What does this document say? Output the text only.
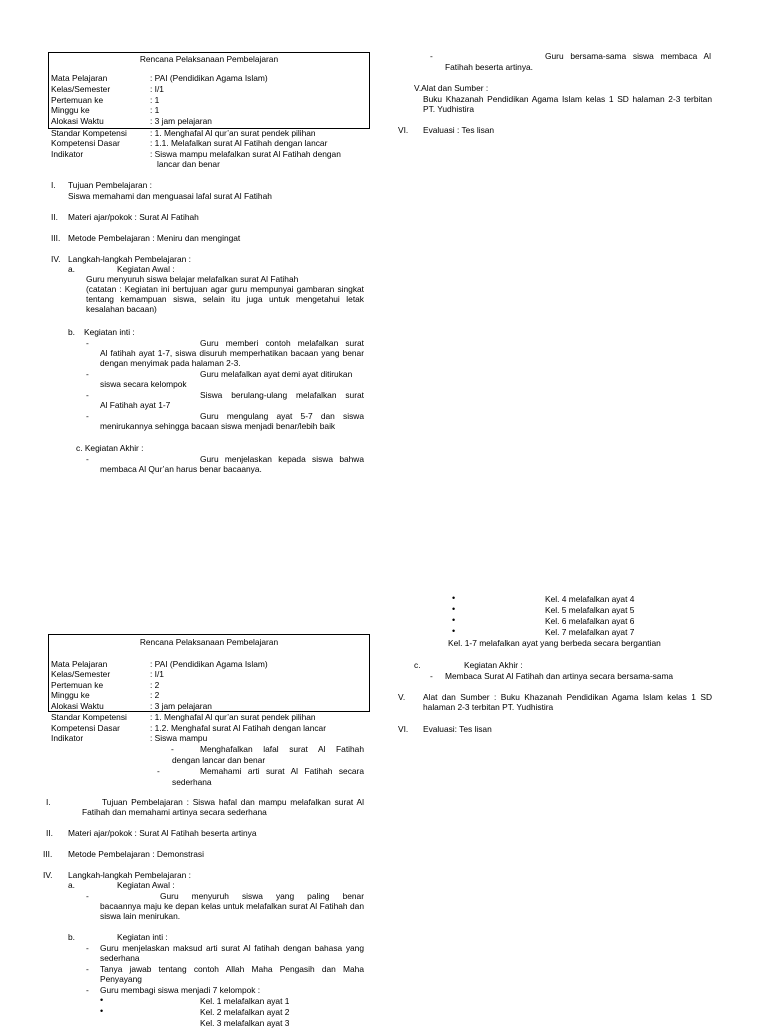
Rencana Pelaksanaan Pembelajaran
Mata Pelajaran	: PAI (Pendidikan Agama Islam)
Kelas/Semester	: I/1
Pertemuan ke	: 1
Minggu ke	: 1
Alokasi Waktu	: 3 jam pelajaran
Standar Kompetensi	: 1. Menghafal Al qur’an surat pendek pilihan
Kompetensi Dasar	: 1.1. Melafalkan surat Al Fatihah dengan lancar
Indikator	: Siswa mampu melafalkan surat Al Fatihah dengan
lancar dan benar
I. Tujuan Pembelajaran :
Siswa memahami dan menguasai lafal surat Al Fatihah
II. Materi ajar/pokok : Surat Al Fatihah
III. Metode Pembelajaran : Meniru dan mengingat
IV. Langkah-langkah Pembelajaran :
a.	Kegiatan Awal :
Guru menyuruh siswa belajar melafalkan surat Al Fatihah
(catatan : Kegiatan ini bertujuan agar guru mempunyai gambaran singkat tentang kemampuan siswa, selain itu juga untuk mengetahui letak kesalahan bacaan)
b. Kegiatan inti :
-	Guru memberi contoh melafalkan surat
Al fatihah ayat 1-7, siswa disuruh memperhatikan bacaan yang benar dengan menyimak pada halaman 2-3.
-	Guru melafalkan ayat demi ayat ditirukan
siswa secara kelompok
-	Siswa berulang-ulang melafalkan surat
Al Fatihah ayat 1-7
-	Guru mengulang ayat 5-7 dan siswa
menirukannya sehingga bacaan siswa menjadi benar/lebih baik
c. Kegiatan Akhir :
-	Guru menjelaskan kepada siswa bahwa
membaca Al Qur’an harus benar bacaanya.
-	Guru bersama-sama siswa membaca Al
Fatihah beserta artinya.
V.Alat dan Sumber :
Buku Khazanah Pendidikan Agama Islam kelas 1 SD halaman 2-3 terbitan PT. Yudhistira
VI. Evaluasi : Tes lisan
Rencana Pelaksanaan Pembelajaran
Mata Pelajaran	: PAI (Pendidikan Agama Islam)
Kelas/Semester	: I/1
Pertemuan ke	: 2
Minggu ke	: 2
Alokasi Waktu	: 3 jam pelajaran
Standar Kompetensi	: 1. Menghafal Al qur’an surat pendek pilihan
Kompetensi Dasar	: 1.2. Menghafal surat Al Fatihah dengan lancar
Indikator	: Siswa mampu
-	Menghafalkan lafal surat Al Fatihah
dengan lancar dan benar
-	Memahami arti surat Al Fatihah secara
sederhana
I.	Tujuan Pembelajaran : Siswa hafal dan mampu melafalkan surat Al Fatihah dan memahami artinya secara sederhana
II. Materi ajar/pokok : Surat Al Fatihah beserta artinya
III. Metode Pembelajaran : Demonstrasi
IV. Langkah-langkah Pembelajaran :
a.	Kegiatan Awal :
-	Guru menyuruh siswa yang paling benar
bacaannya maju ke depan kelas untuk melafalkan surat Al Fatihah dan siswa lain menirukan.
b.	Kegiatan inti :
- Guru menjelaskan maksud arti surat Al fatihah dengan bahasa yang sederhana
- Tanya jawab tentang contoh Allah Maha Pengasih dan Maha Penyayang
- Guru membagi siswa menjadi 7 kelompok :
•	Kel. 1 melafalkan ayat 1
•	Kel. 2 melafalkan ayat 2
Kel. 3 melafalkan ayat 3
•	Kel. 4 melafalkan ayat 4
•	Kel. 5 melafalkan ayat 5
•	Kel. 6 melafalkan ayat 6
•	Kel. 7 melafalkan ayat 7
Kel. 1-7 melafalkan ayat yang berbeda secara bergantian
c.	Kegiatan Akhir :
- Membaca Surat Al Fatihah dan artinya secara bersama-sama
V. Alat dan Sumber : Buku Khazanah Pendidikan Agama Islam kelas 1 SD halaman 2-3 terbitan PT. Yudhistira
VI. Evaluasi: Tes lisan
